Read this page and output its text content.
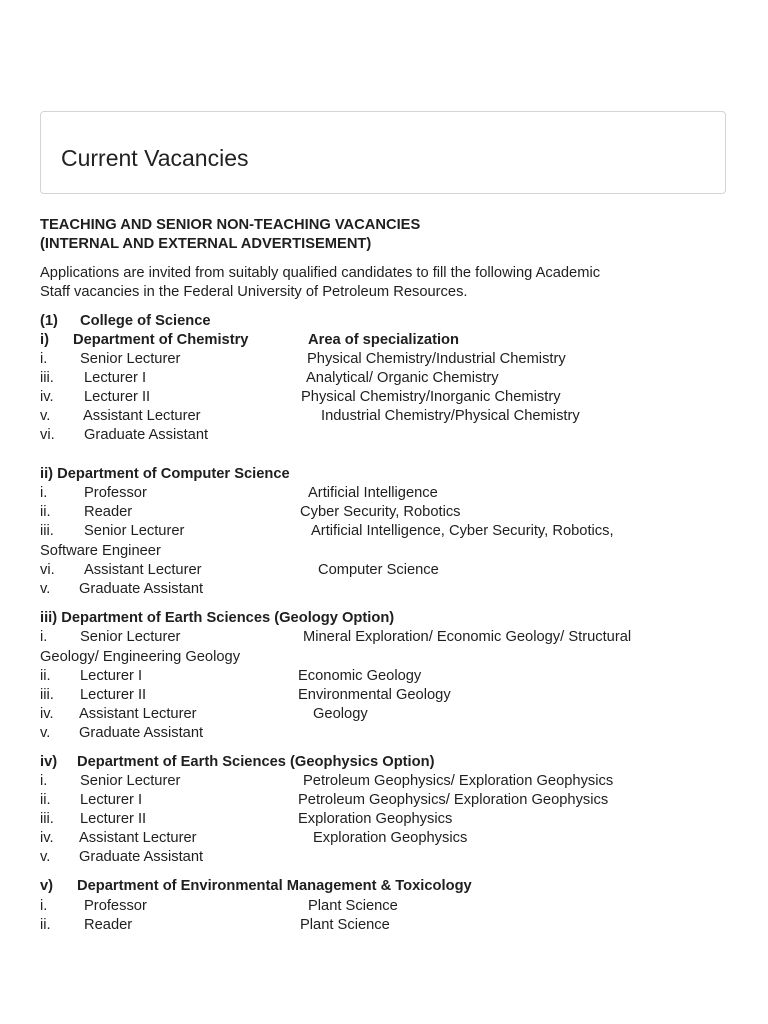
Current Vacancies
TEACHING AND SENIOR NON-TEACHING VACANCIES
(INTERNAL AND EXTERNAL ADVERTISEMENT)
Applications are invited from suitably qualified candidates to fill the following Academic
Staff vacancies in the Federal University of Petroleum Resources.
(1) College of Science
i) Department of Chemistry	Area of specialization
i. Senior Lecturer	Physical Chemistry/Industrial Chemistry
iii. Lecturer I	Analytical/ Organic Chemistry
iv. Lecturer II	Physical Chemistry/Inorganic Chemistry
v. Assistant Lecturer	Industrial Chemistry/Physical Chemistry
vi. Graduate Assistant
ii) Department of Computer Science
i. Professor	Artificial Intelligence
ii. Reader	Cyber Security, Robotics
iii. Senior Lecturer	Artificial Intelligence, Cyber Security, Robotics,
Software Engineer
vi. Assistant Lecturer	Computer Science
v. Graduate Assistant
iii) Department of Earth Sciences (Geology Option)
i. Senior Lecturer	Mineral Exploration/ Economic Geology/ Structural
Geology/ Engineering Geology
ii. Lecturer I	Economic Geology
iii. Lecturer II	Environmental Geology
iv. Assistant Lecturer	Geology
v. Graduate Assistant
iv) Department of Earth Sciences (Geophysics Option)
i. Senior Lecturer	Petroleum Geophysics/ Exploration Geophysics
ii. Lecturer I	Petroleum Geophysics/ Exploration Geophysics
iii. Lecturer II	Exploration Geophysics
iv. Assistant Lecturer	Exploration Geophysics
v. Graduate Assistant
v) Department of Environmental Management & Toxicology
i. Professor	Plant Science
ii. Reader	Plant Science
